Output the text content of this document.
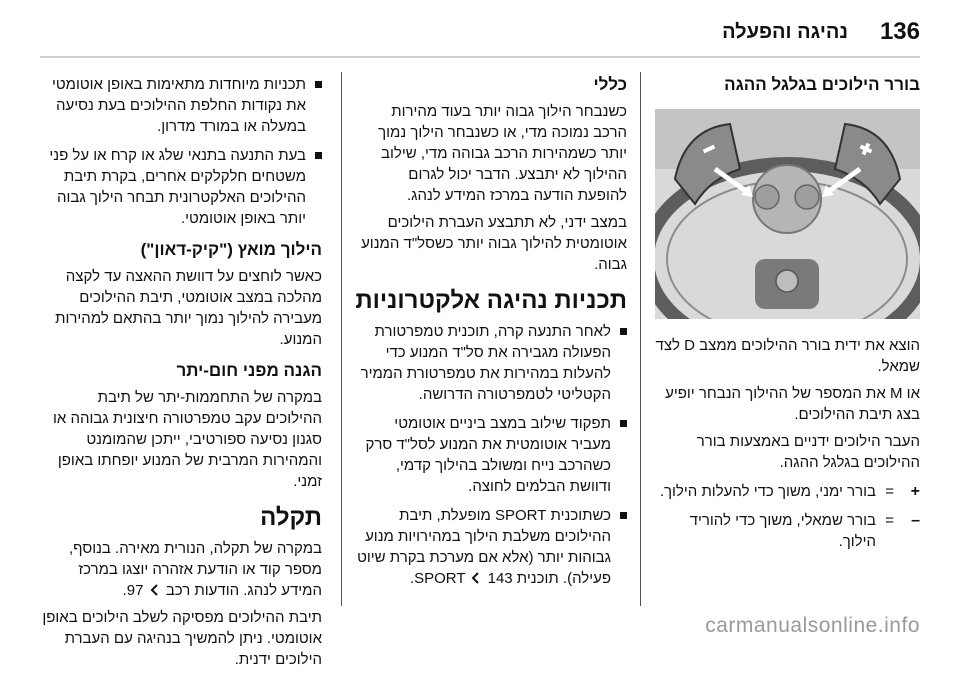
136
נהיגה והפעלה
בורר הילוכים בגלגל ההגה

הוצא את ידית בורר ההילוכים ממצב D לצד שמאל.

או M את המספר של ההילוך הנבחר יופיע בצג תיבת ההילוכים.

העבר הילוכים ידניים באמצעות בורר ההילוכים בגלגל ההגה.

+
=
בורר ימני, משוך כדי להעלות הילוך.
–
=
בורר שמאלי, משוך כדי להוריד הילוך.
כללי

כשנבחר הילוך גבוה יותר בעוד מהירות הרכב נמוכה מדי, או כשנבחר הילוך נמוך יותר כשמהירות הרכב גבוהה מדי, שילוב ההילוך לא יתבצע. הדבר יכול לגרום להופעת הודעה במרכז המידע לנהג.

במצב ידני, לא תתבצע העברת הילוכים אוטומטית להילוך גבוה יותר כשסל"ד המנוע גבוה.

תכניות נהיגה אלקטרוניות
לאחר התנעה קרה, תוכנית טמפרטורת הפעולה מגבירה את סל"ד המנוע כדי להעלות במהירות את טמפרטורת הממיר הקטליטי לטמפרטורה הדרושה.
תפקוד שילוב במצב ביניים אוטומטי מעביר אוטומטית את המנוע לסל"ד סרק כשהרכב נייח ומשולב בהילוך קדמי, ודוושת הבלמים לחוצה.
כשתוכנית SPORT מופעלת, תיבת ההילוכים משלבת הילוך במהירויות מנוע גבוהות יותר (אלא אם מערכת בקרת שיוט פעילה). תוכנית SPORT  143.
תכניות מיוחדות מתאימות באופן אוטומטי את נקודות החלפת ההילוכים בעת נסיעה במעלה או במורד מדרון.
בעת התנעה בתנאי שלג או קרח או על פני משטחים חלקלקים אחרים, בקרת תיבת ההילוכים האלקטרונית תבחר הילוך גבוה יותר באופן אוטומטי.
הילוך מואץ ("קיק-דאון")

כאשר לוחצים על דוושת ההאצה עד לקצה מהלכה במצב אוטומטי, תיבת ההילוכים מעבירה להילוך נמוך יותר בהתאם למהירות המנוע.

הגנה מפני חום-יתר

במקרה של התחממות-יתר של תיבת ההילוכים עקב טמפרטורה חיצונית גבוהה או סגנון נסיעה ספורטיבי, ייתכן שהמומנט והמהירות המרבית של המנוע יופחתו באופן זמני.

תקלה

במקרה של תקלה, הנורית מאירה. בנוסף, מספר קוד או הודעת אזהרה יוצגו במרכז המידע לנהג. הודעות רכב  97.

תיבת ההילוכים מפסיקה לשלב הילוכים באופן אוטומטי. ניתן להמשיך בנהיגה עם העברת הילוכים ידנית.

carmanualsonline.info
